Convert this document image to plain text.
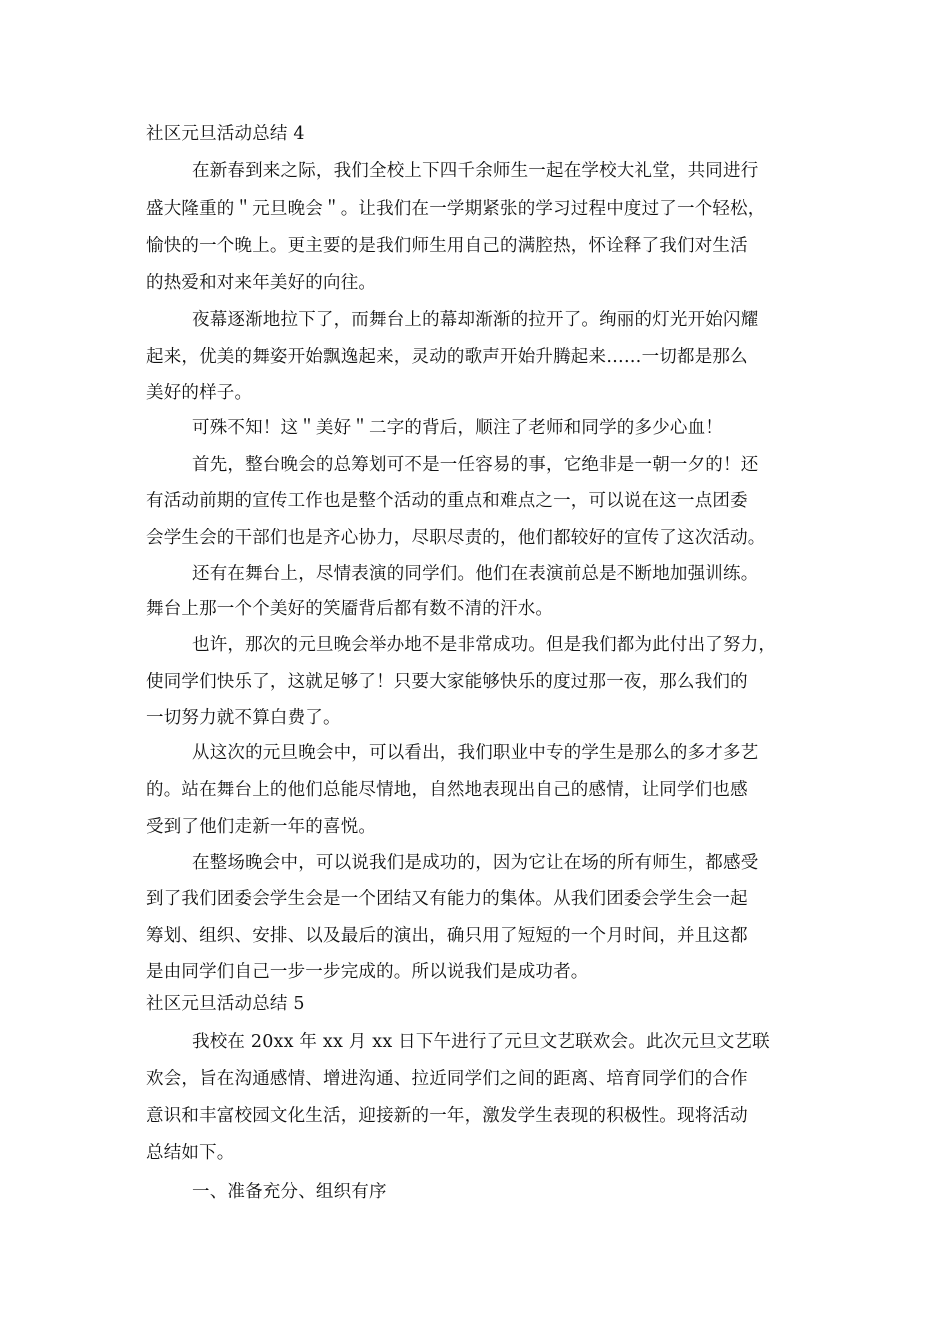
社区元旦活动总结 4
在新春到来之际，我们全校上下四千余师生一起在学校大礼堂，共同进行
盛大隆重的＂元旦晚会＂。让我们在一学期紧张的学习过程中度过了一个轻松，
愉快的一个晚上。更主要的是我们师生用自己的满腔热，怀诠释了我们对生活
的热爱和对来年美好的向往。
夜幕逐渐地拉下了，而舞台上的幕却渐渐的拉开了。绚丽的灯光开始闪耀
起来，优美的舞姿开始飘逸起来，灵动的歌声开始升腾起来……一切都是那么
美好的样子。
可殊不知！这＂美好＂二字的背后，顺注了老师和同学的多少心血！
首先，整台晚会的总筹划可不是一任容易的事，它绝非是一朝一夕的！还
有活动前期的宣传工作也是整个活动的重点和难点之一，可以说在这一点团委
会学生会的干部们也是齐心协力，尽职尽责的，他们都较好的宣传了这次活动。
还有在舞台上，尽情表演的同学们。他们在表演前总是不断地加强训练。
舞台上那一个个美好的笑靥背后都有数不清的汗水。
也许，那次的元旦晚会举办地不是非常成功。但是我们都为此付出了努力，
使同学们快乐了，这就足够了！只要大家能够快乐的度过那一夜，那么我们的
一切努力就不算白费了。
从这次的元旦晚会中，可以看出，我们职业中专的学生是那么的多才多艺
的。站在舞台上的他们总能尽情地，自然地表现出自己的感情，让同学们也感
受到了他们走新一年的喜悦。
在整场晚会中，可以说我们是成功的，因为它让在场的所有师生，都感受
到了我们团委会学生会是一个团结又有能力的集体。从我们团委会学生会一起
筹划、组织、安排、以及最后的演出，确只用了短短的一个月时间，并且这都
是由同学们自己一步一步完成的。所以说我们是成功者。
社区元旦活动总结 5
我校在 20xx 年 xx 月 xx 日下午进行了元旦文艺联欢会。此次元旦文艺联
欢会，旨在沟通感情、增进沟通、拉近同学们之间的距离、培育同学们的合作
意识和丰富校园文化生活，迎接新的一年，激发学生表现的积极性。现将活动
总结如下。
一、准备充分、组织有序
